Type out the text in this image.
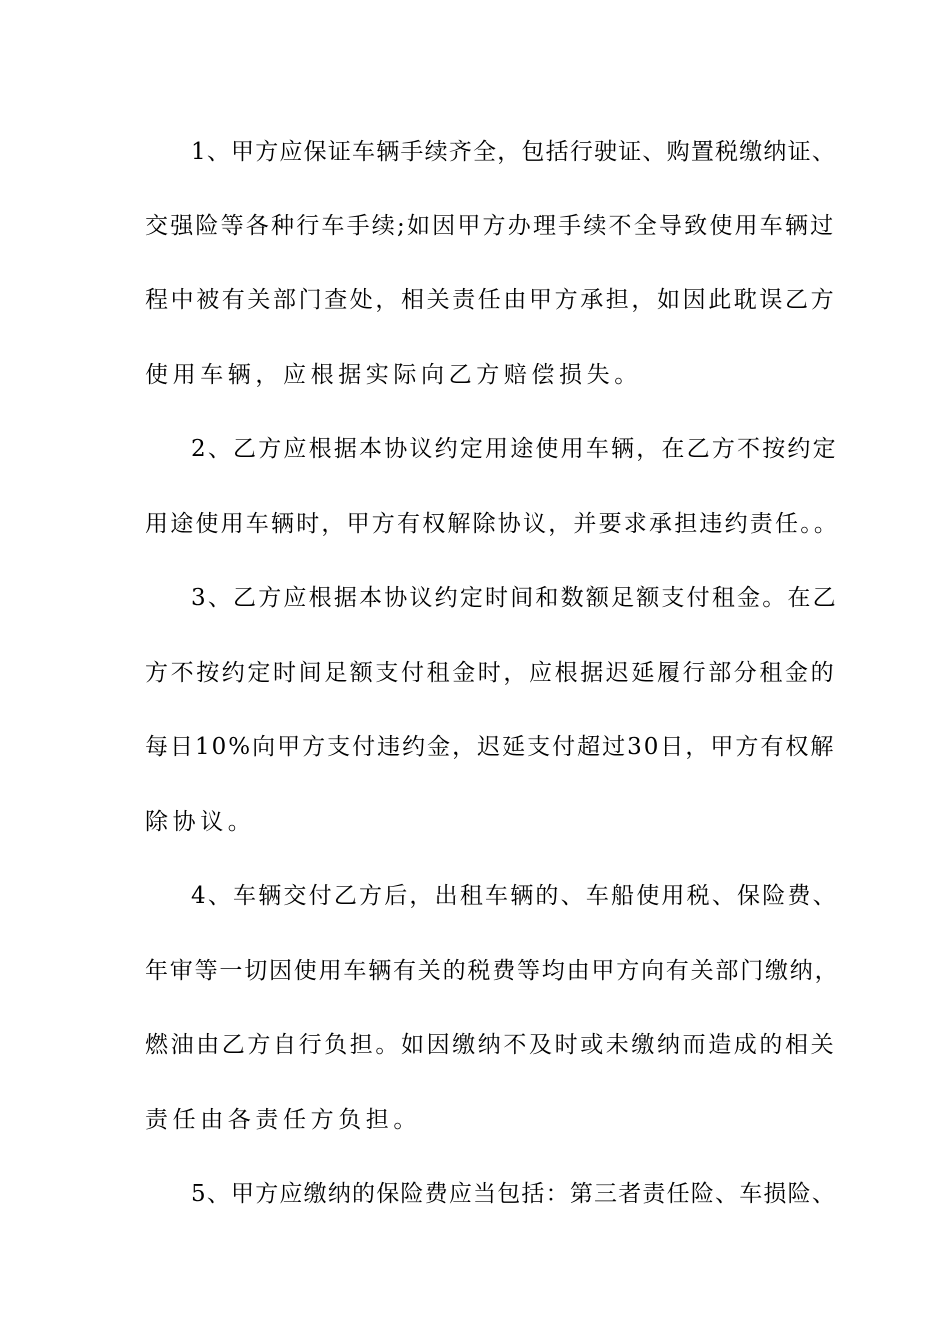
1、甲方应保证车辆手续齐全，包括行驶证、购置税缴纳证、
交强险等各种行车手续;如因甲方办理手续不全导致使用车辆过
程中被有关部门查处，相关责任由甲方承担，如因此耽误乙方
使用车辆，应根据实际向乙方赔偿损失。
2、乙方应根据本协议约定用途使用车辆，在乙方不按约定
用途使用车辆时，甲方有权解除协议，并要求承担违约责任。。
3、乙方应根据本协议约定时间和数额足额支付租金。在乙
方不按约定时间足额支付租金时，应根据迟延履行部分租金的
每日10%向甲方支付违约金，迟延支付超过30日，甲方有权解
除协议。
4、车辆交付乙方后，出租车辆的、车船使用税、保险费、
年审等一切因使用车辆有关的税费等均由甲方向有关部门缴纳，
燃油由乙方自行负担。如因缴纳不及时或未缴纳而造成的相关
责任由各责任方负担。
5、甲方应缴纳的保险费应当包括：第三者责任险、车损险、
